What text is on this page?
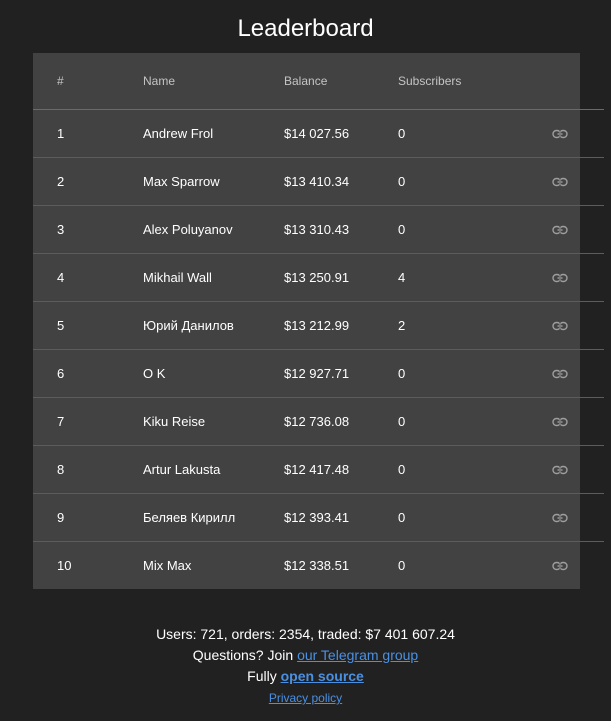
Leaderboard
#	Name	Balance	Subscribers	
1	Andrew Frol	$14 027.56	0	

2	Max Sparrow	$13 410.34	0	

3	Alex Poluyanov	$13 310.43	0	

4	Mikhail Wall	$13 250.91	4	

5	Юрий Данилов	$13 212.99	2	

6	O K	$12 927.71	0	

7	Kiku Reise	$12 736.08	0	

8	Artur Lakusta	$12 417.48	0	

9	Беляев Кирилл	$12 393.41	0	

10	Mix Max	$12 338.51	0	
Users: 721, orders: 2354, traded: $7 401 607.24
Questions? Join our Telegram group
Fully open source
Privacy policy
